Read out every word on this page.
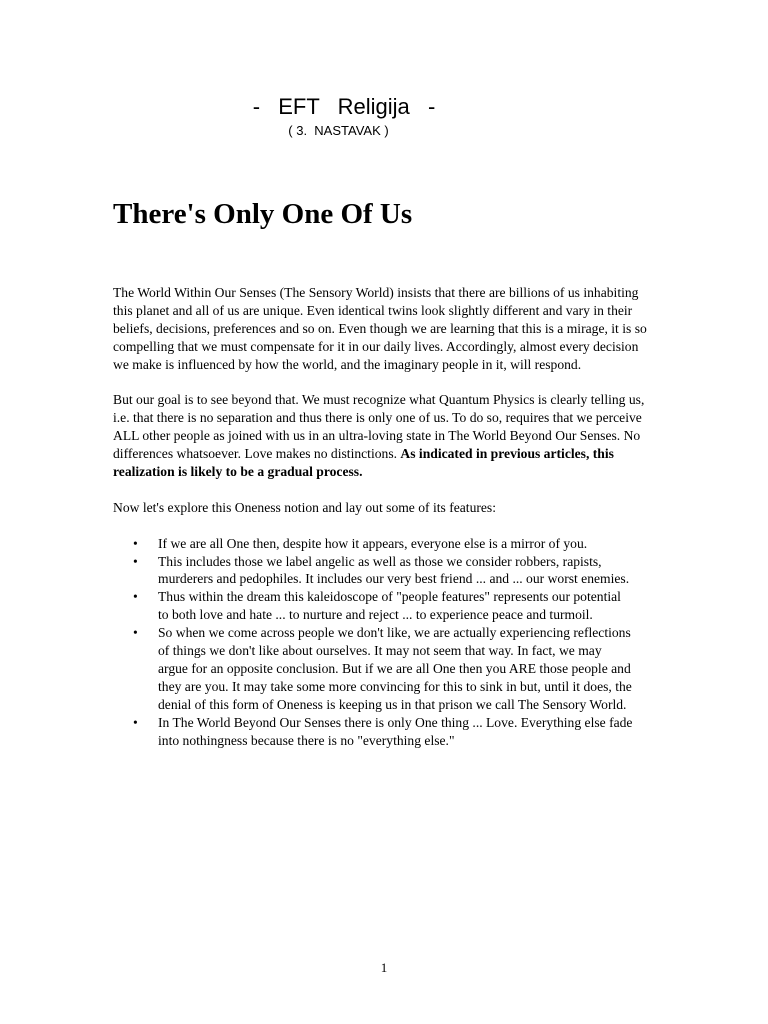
-  EFT  Religija  -
( 3.  NASTAVAK )
There's Only One Of Us

The World Within Our Senses (The Sensory World) insists that there are billions of us inhabiting this planet and all of us are unique. Even identical twins look slightly different and vary in their beliefs, decisions, preferences and so on. Even though we are learning that this is a mirage, it is so compelling that we must compensate for it in our daily lives. Accordingly, almost every decision we make is influenced by how the world, and the imaginary people in it, will respond.

But our goal is to see beyond that. We must recognize what Quantum Physics is clearly telling us, i.e. that there is no separation and thus there is only one of us. To do so, requires that we perceive ALL other people as joined with us in an ultra-loving state in The World Beyond Our Senses. No differences whatsoever. Love makes no distinctions. As indicated in previous articles, this realization is likely to be a gradual process.

Now let's explore this Oneness notion and lay out some of its features:

• If we are all One then, despite how it appears, everyone else is a mirror of you.
• This includes those we label angelic as well as those we consider robbers, rapists, murderers and pedophiles. It includes our very best friend ... and ... our worst enemies.
• Thus within the dream this kaleidoscope of "people features" represents our potential to both love and hate ... to nurture and reject ... to experience peace and turmoil.
• So when we come across people we don't like, we are actually experiencing reflections of things we don't like about ourselves. It may not seem that way. In fact, we may argue for an opposite conclusion. But if we are all One then you ARE those people and they are you. It may take some more convincing for this to sink in but, until it does, the denial of this form of Oneness is keeping us in that prison we call The Sensory World.
• In The World Beyond Our Senses there is only One thing ... Love. Everything else fade into nothingness because there is no "everything else."
1
